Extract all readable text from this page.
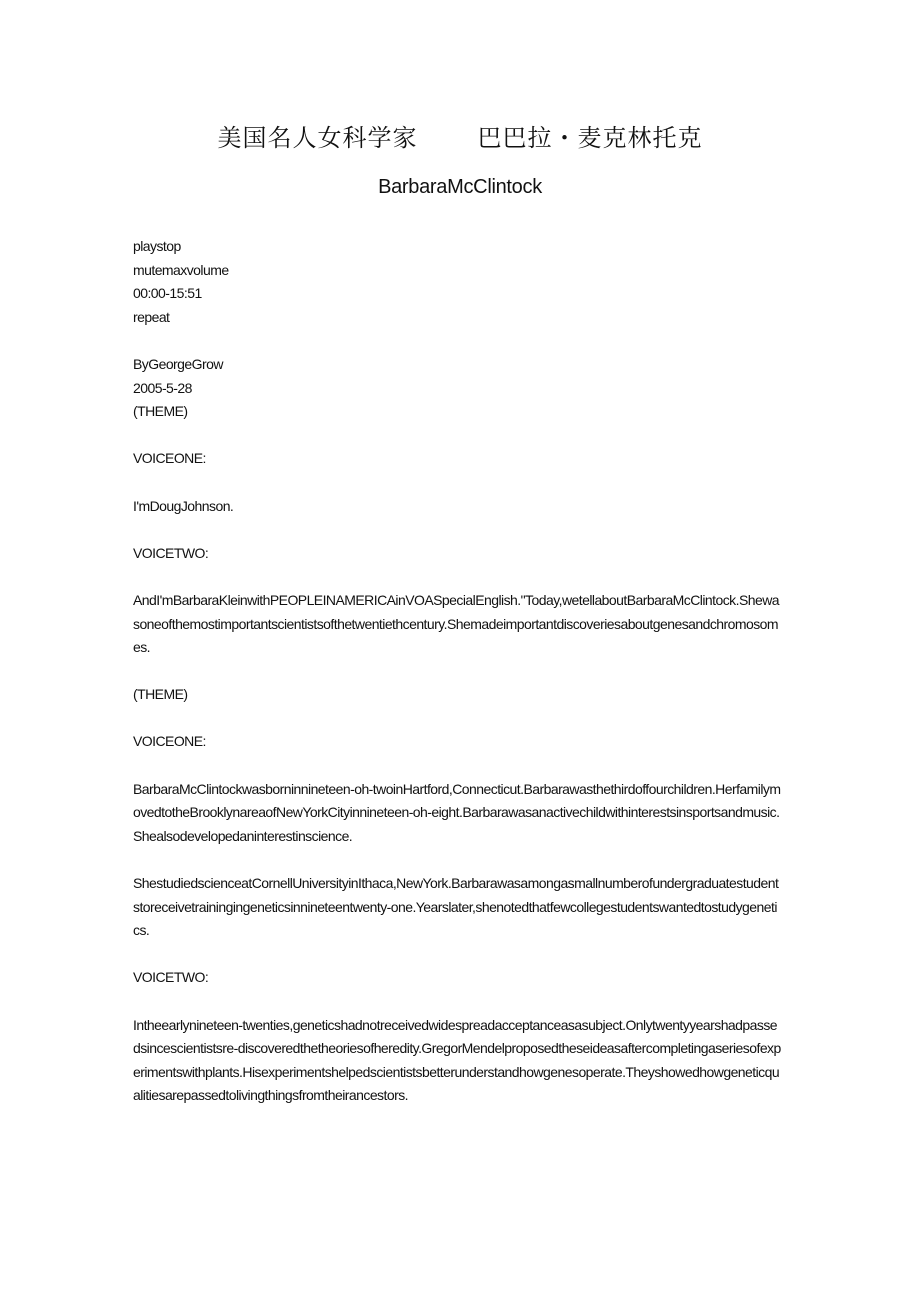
美国名人女科学家	巴巴拉・麦克林托克
BarbaraMcClintock
playstop
mutemaxvolume
00:00-15:51
repeat
ByGeorgeGrow
2005-5-28
(THEME)

VOICEONE:

I'mDougJohnson.

VOICETWO:

AndI'mBarbaraKleinwithPEOPLEINAMERICAinVOASpecialEnglish."Today,wetellaboutBarbaraMcClintock.Shewasoneofthemostimportantscientistsofthetwentiethcentury.Shemadeimportantdiscoveriesaboutgenesandchromosomes.

(THEME)

VOICEONE:

BarbaraMcClintockwasborninnineteen-oh-twoinHartford,Connecticut.Barbarawasthethirdoffourchildren.HerfamilymovedtotheBrooklynareaofNewYorkCityinnineteen-oh-eight.Barbarawasanactivechildwithinterestsinsportsandmusic.Shealsodevelopedaninterestinscience.

ShestudiedscienceatCornellUniversityinIthaca,NewYork.Barbarawasamongasmallnumberofundergraduatestudentstoreceivetrainingingeneticsinnineteentwenty-one.Yearslater,shenotedthatfewcollegestudentswantedtostudygenetics.

VOICETWO:

Intheearlynineteen-twenties,geneticshadnotreceivedwidespreadacceptanceasasubject.Onlytwentyyearshadpassedsincescientistsre-discoveredthetheoriesofheredity.GregorMendelproposedtheseideasaftercompletingaseriesofexperimentswithplants.Hisexperimentshelpedscientistsbetterunderstandhowgenesoperate.Theyshowedhowgeneticqualitiesarepassedtolivingthingsfromtheirancestors.
